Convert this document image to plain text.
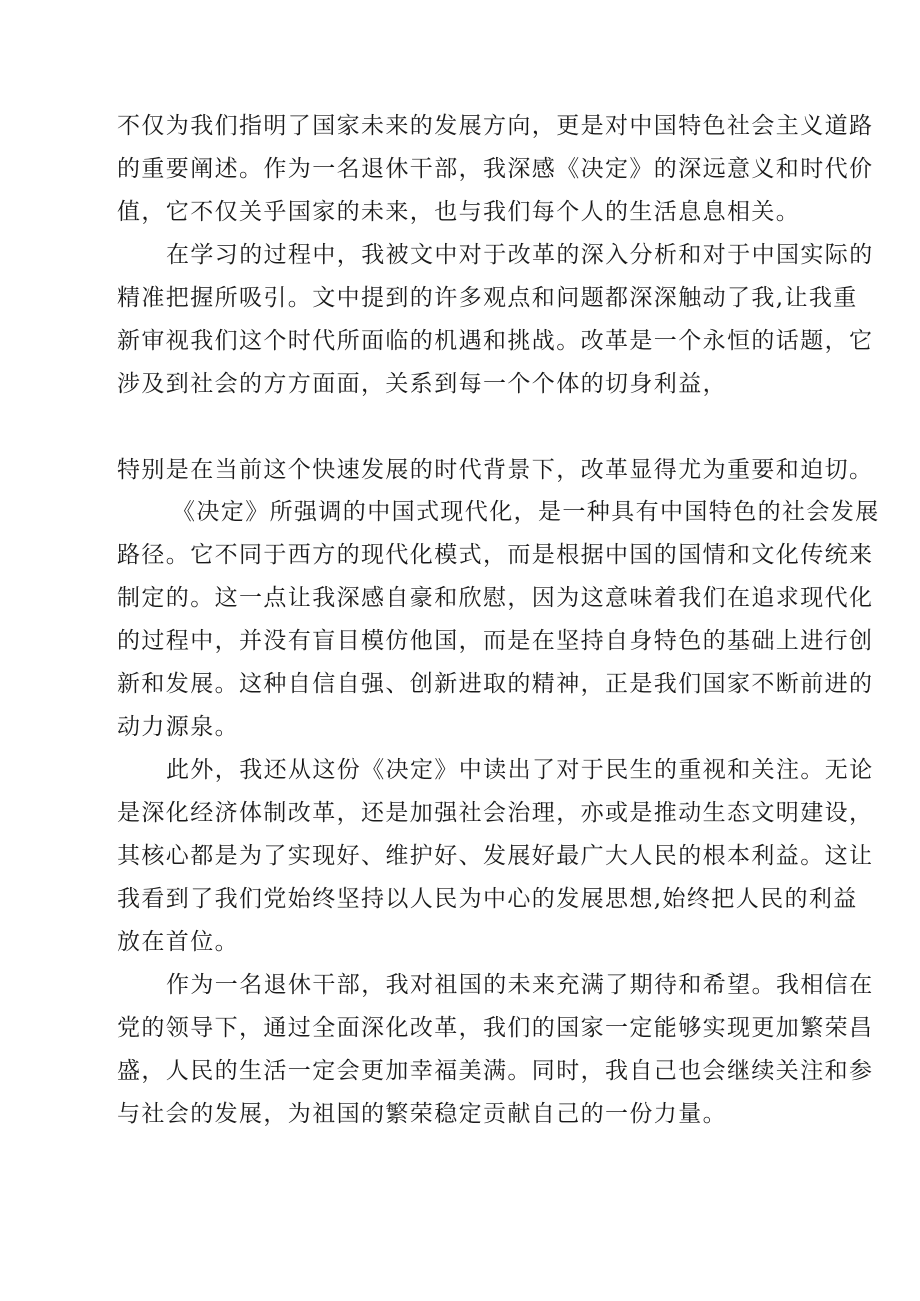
不仅为我们指明了国家未来的发展方向，更是对中国特色社会主义道路
的重要阐述。作为一名退休干部，我深感《决定》的深远意义和时代价
值，它不仅关乎国家的未来，也与我们每个人的生活息息相关。
在学习的过程中，我被文中对于改革的深入分析和对于中国实际的
精准把握所吸引。文中提到的许多观点和问题都深深触动了我,让我重
新审视我们这个时代所面临的机遇和挑战。改革是一个永恒的话题，它
涉及到社会的方方面面，关系到每一个个体的切身利益，
特别是在当前这个快速发展的时代背景下，改革显得尤为重要和迫切。
《决定》所强调的中国式现代化，是一种具有中国特色的社会发展
路径。它不同于西方的现代化模式，而是根据中国的国情和文化传统来
制定的。这一点让我深感自豪和欣慰，因为这意味着我们在追求现代化
的过程中，并没有盲目模仿他国，而是在坚持自身特色的基础上进行创
新和发展。这种自信自强、创新进取的精神，正是我们国家不断前进的
动力源泉。
此外，我还从这份《决定》中读出了对于民生的重视和关注。无论
是深化经济体制改革，还是加强社会治理，亦或是推动生态文明建设，
其核心都是为了实现好、维护好、发展好最广大人民的根本利益。这让
我看到了我们党始终坚持以人民为中心的发展思想,始终把人民的利益
放在首位。
作为一名退休干部，我对祖国的未来充满了期待和希望。我相信在
党的领导下，通过全面深化改革，我们的国家一定能够实现更加繁荣昌
盛，人民的生活一定会更加幸福美满。同时，我自己也会继续关注和参
与社会的发展，为祖国的繁荣稳定贡献自己的一份力量。
